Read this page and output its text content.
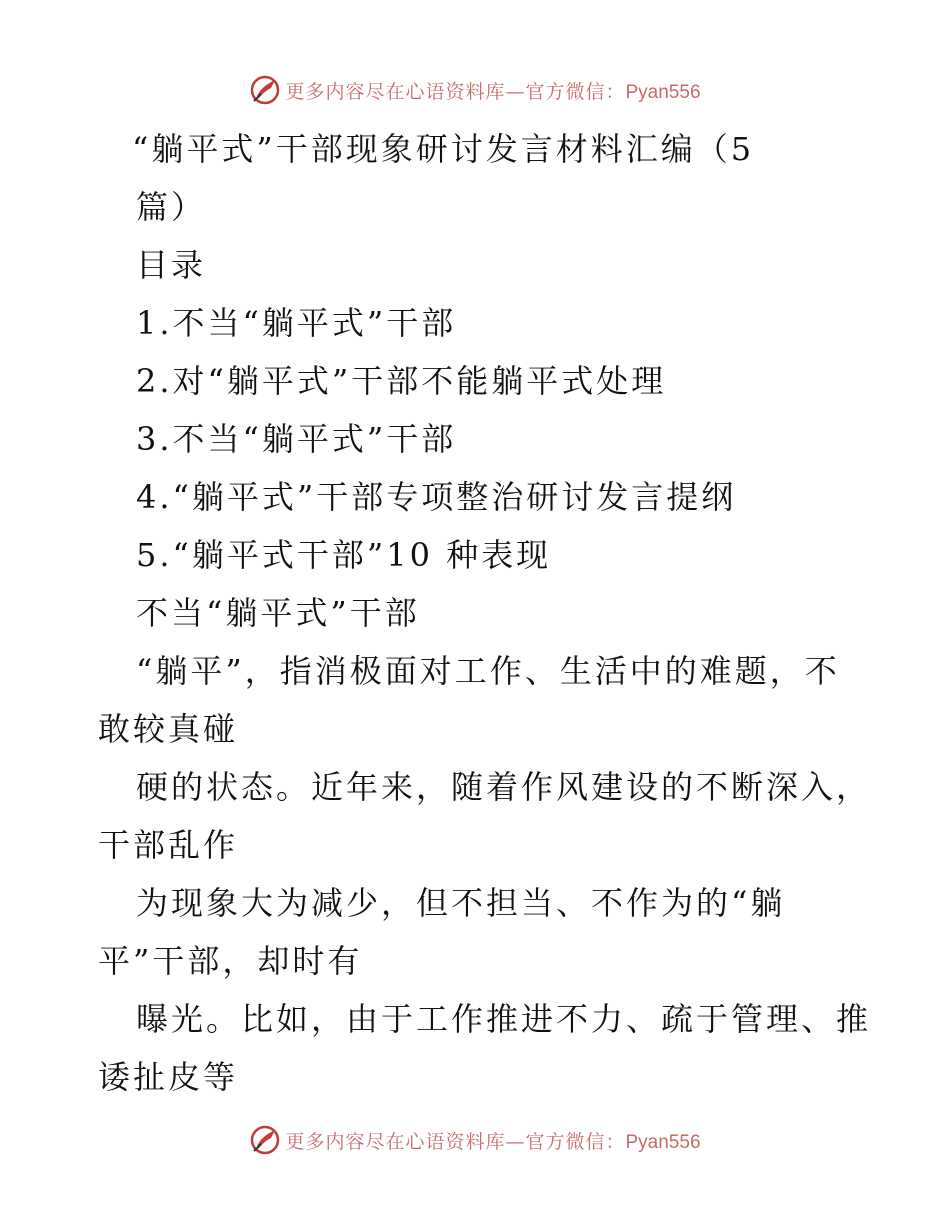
更多内容尽在心语资料库—官方微信：Pyan556
“躺平式”干部现象研讨发言材料汇编（5
篇）
目录
1.不当“躺平式”干部
2.对“躺平式”干部不能躺平式处理
3.不当“躺平式”干部
4.“躺平式”干部专项整治研讨发言提纲
5.“躺平式干部”10 种表现
不当“躺平式”干部
“躺平”，指消极面对工作、生活中的难题，不
敢较真碰
硬的状态。近年来，随着作风建设的不断深入，
干部乱作
为现象大为减少，但不担当、不作为的“躺
平”干部，却时有
曝光。比如，由于工作推进不力、疏于管理、推
诿扯皮等
更多内容尽在心语资料库—官方微信：Pyan556
